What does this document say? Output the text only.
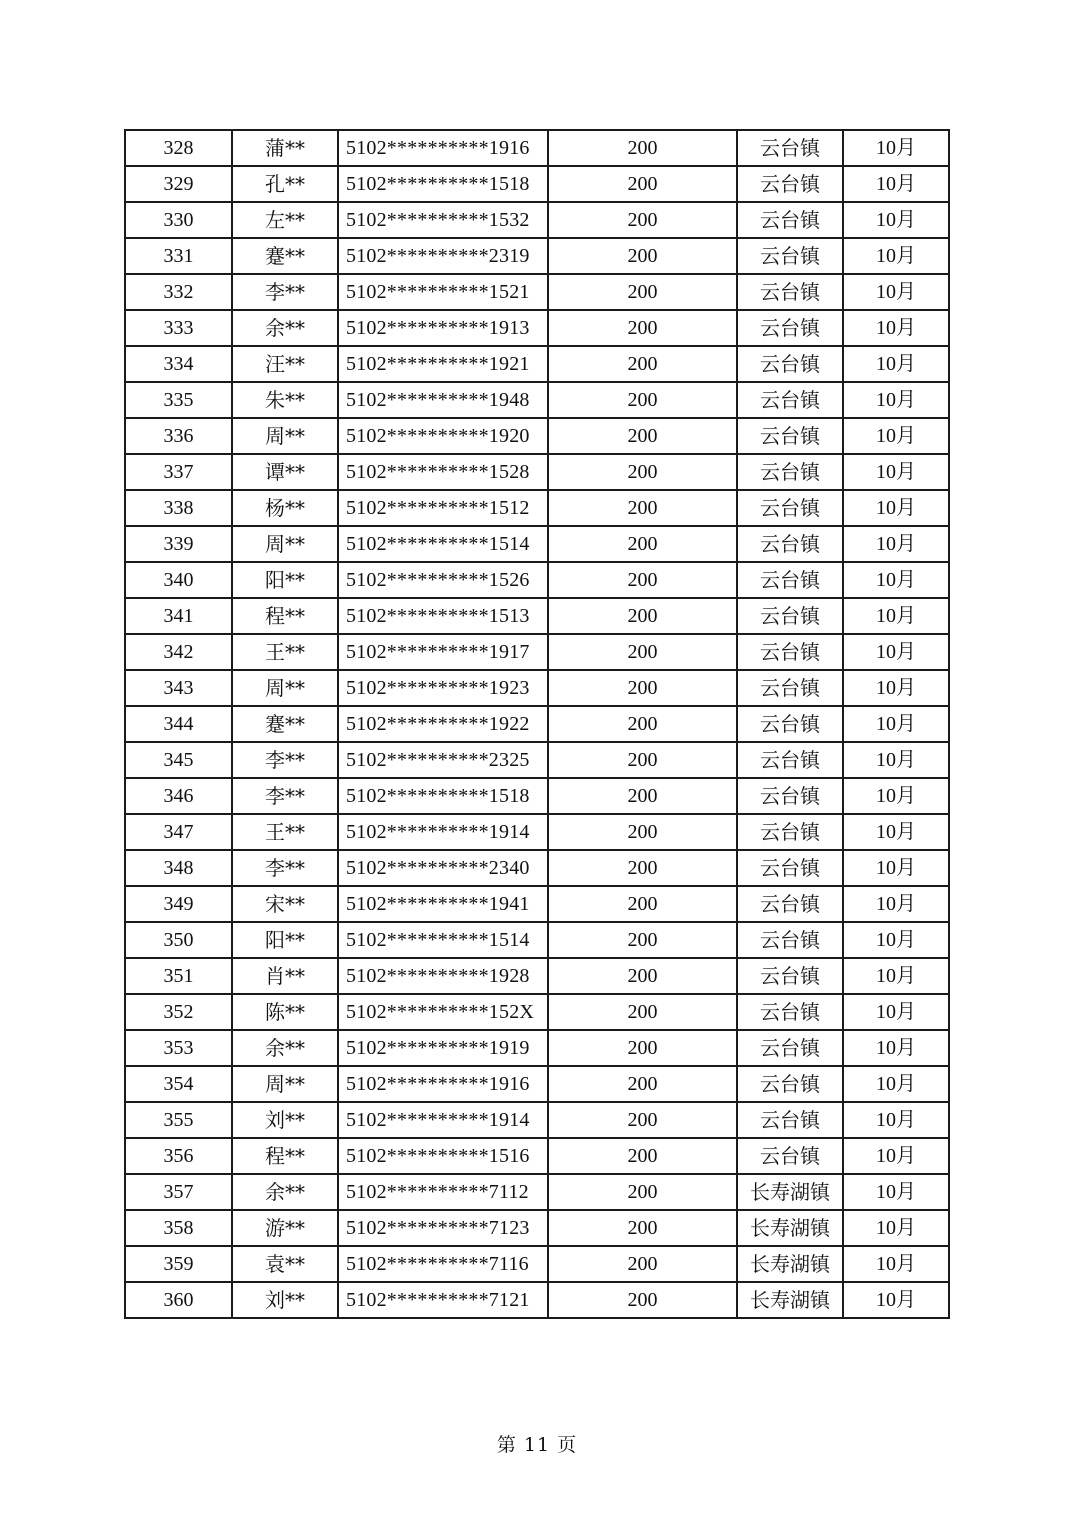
328	蒲**	5102**********1916	200	云台镇	10月
329	孔**	5102**********1518	200	云台镇	10月
330	左**	5102**********1532	200	云台镇	10月
331	蹇**	5102**********2319	200	云台镇	10月
332	李**	5102**********1521	200	云台镇	10月
333	余**	5102**********1913	200	云台镇	10月
334	汪**	5102**********1921	200	云台镇	10月
335	朱**	5102**********1948	200	云台镇	10月
336	周**	5102**********1920	200	云台镇	10月
337	谭**	5102**********1528	200	云台镇	10月
338	杨**	5102**********1512	200	云台镇	10月
339	周**	5102**********1514	200	云台镇	10月
340	阳**	5102**********1526	200	云台镇	10月
341	程**	5102**********1513	200	云台镇	10月
342	王**	5102**********1917	200	云台镇	10月
343	周**	5102**********1923	200	云台镇	10月
344	蹇**	5102**********1922	200	云台镇	10月
345	李**	5102**********2325	200	云台镇	10月
346	李**	5102**********1518	200	云台镇	10月
347	王**	5102**********1914	200	云台镇	10月
348	李**	5102**********2340	200	云台镇	10月
349	宋**	5102**********1941	200	云台镇	10月
350	阳**	5102**********1514	200	云台镇	10月
351	肖**	5102**********1928	200	云台镇	10月
352	陈**	5102**********152X	200	云台镇	10月
353	余**	5102**********1919	200	云台镇	10月
354	周**	5102**********1916	200	云台镇	10月
355	刘**	5102**********1914	200	云台镇	10月
356	程**	5102**********1516	200	云台镇	10月
357	余**	5102**********7112	200	长寿湖镇	10月
358	游**	5102**********7123	200	长寿湖镇	10月
359	袁**	5102**********7116	200	长寿湖镇	10月
360	刘**	5102**********7121	200	长寿湖镇	10月
第 11 页
